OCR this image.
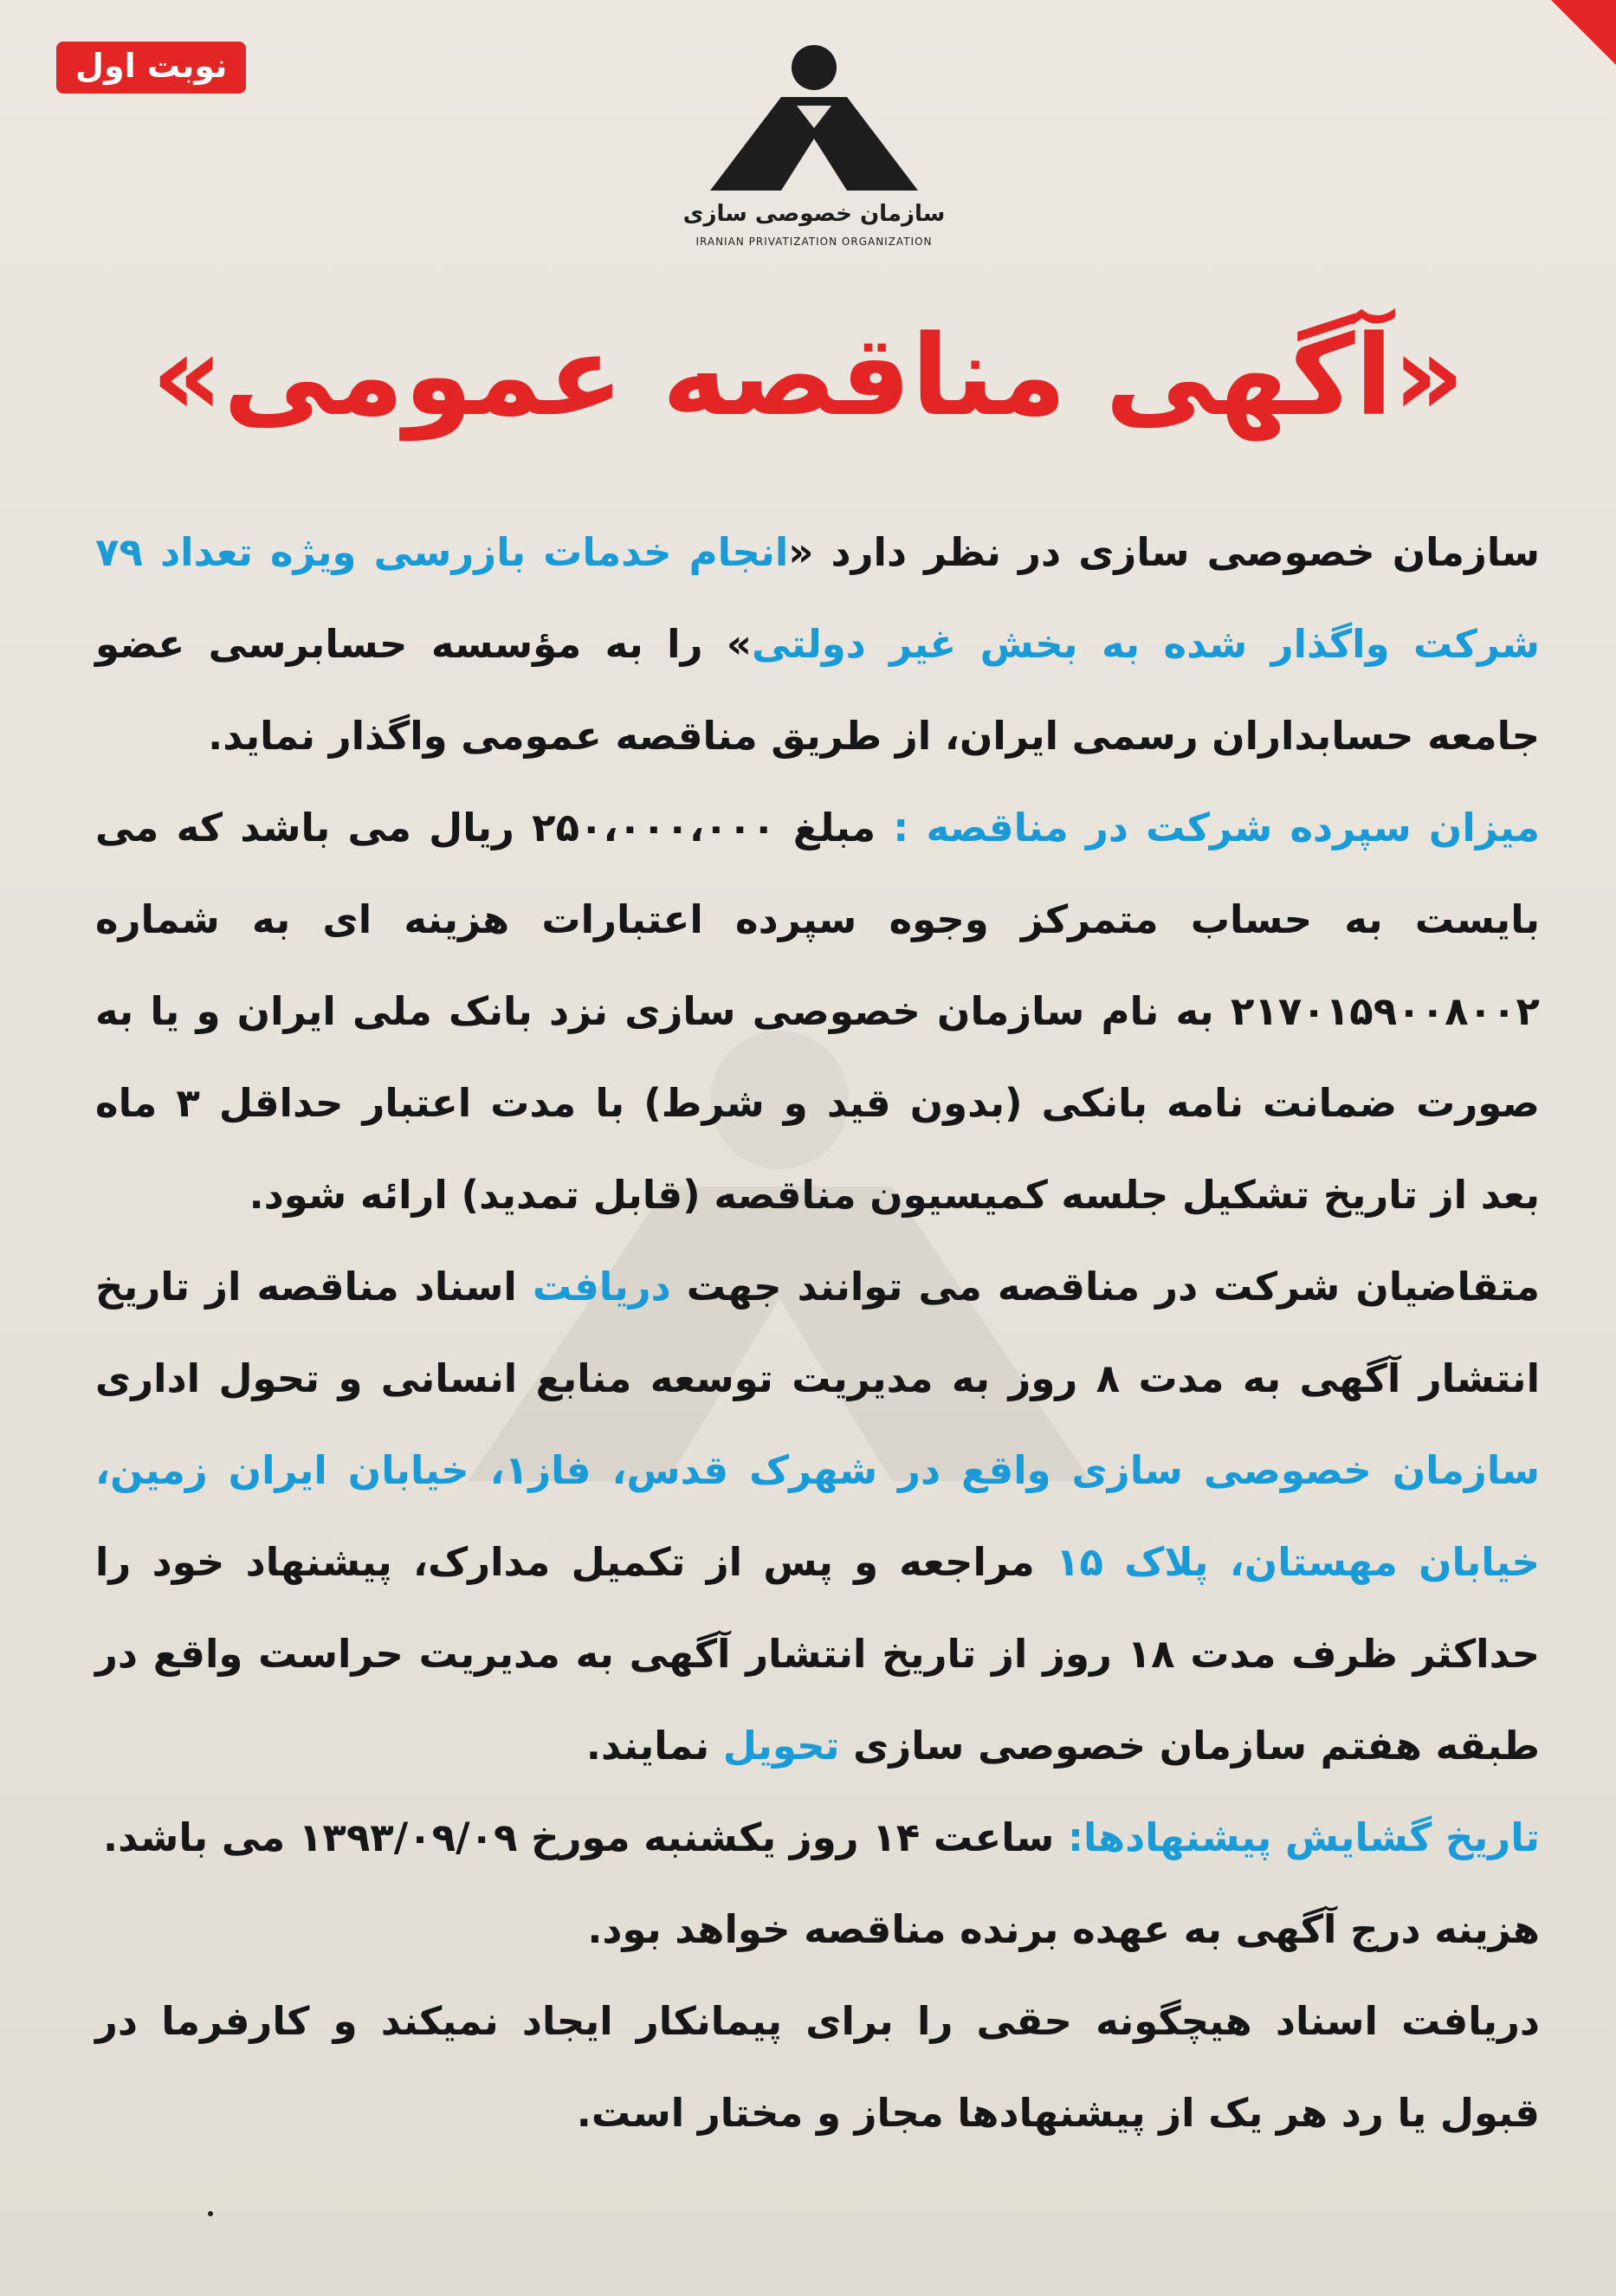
نوبت اول
سازمان خصوصی سازی
IRANIAN PRIVATIZATION ORGANIZATION
«آگهی مناقصه عمومی»

سازمان خصوصی سازی در نظر دارد «انجام خدمات بازرسی ویژه تعداد ۷۹ شرکت واگذار شده به بخش غیر دولتی» را به مؤسسه حسابرسی عضو جامعه حسابداران رسمی ایران، از طریق مناقصه عمومی واگذار نماید.

میزان سپرده شرکت در مناقصه : مبلغ ۲۵۰،۰۰۰،۰۰۰ ریال می باشد که می بایست به حساب متمرکز وجوه سپرده اعتبارات هزینه ای به شماره ۲۱۷۰۱۵۹۰۰۸۰۰۲ به نام سازمان خصوصی سازی نزد بانک ملی ایران و یا به صورت ضمانت نامه بانکی (بدون قید و شرط) با مدت اعتبار حداقل ۳ ماه بعد از تاریخ تشکیل جلسه کمیسیون مناقصه (قابل تمدید) ارائه شود.

متقاضیان شرکت در مناقصه می توانند جهت دریافت اسناد مناقصه از تاریخ انتشار آگهی به مدت ۸ روز به مدیریت توسعه منابع انسانی و تحول اداری سازمان خصوصی سازی واقع در شهرک قدس، فاز۱، خیابان ایران زمین، خیابان مهستان، پلاک ۱۵ مراجعه و پس از تکمیل مدارک، پیشنهاد خود را حداکثر ظرف مدت ۱۸ روز از تاریخ انتشار آگهی به مدیریت حراست واقع در طبقه هفتم سازمان خصوصی سازی تحویل نمایند.

تاریخ گشایش پیشنهادها: ساعت ۱۴ روز یکشنبه مورخ ۱۳۹۳/۰۹/۰۹ می باشد.

هزینه درج آگهی به عهده برنده مناقصه خواهد بود.

دریافت اسناد هیچگونه حقی را برای پیمانکار ایجاد نمیکند و کارفرما در قبول یا رد هر یک از پیشنهادها مجاز و مختار است.
